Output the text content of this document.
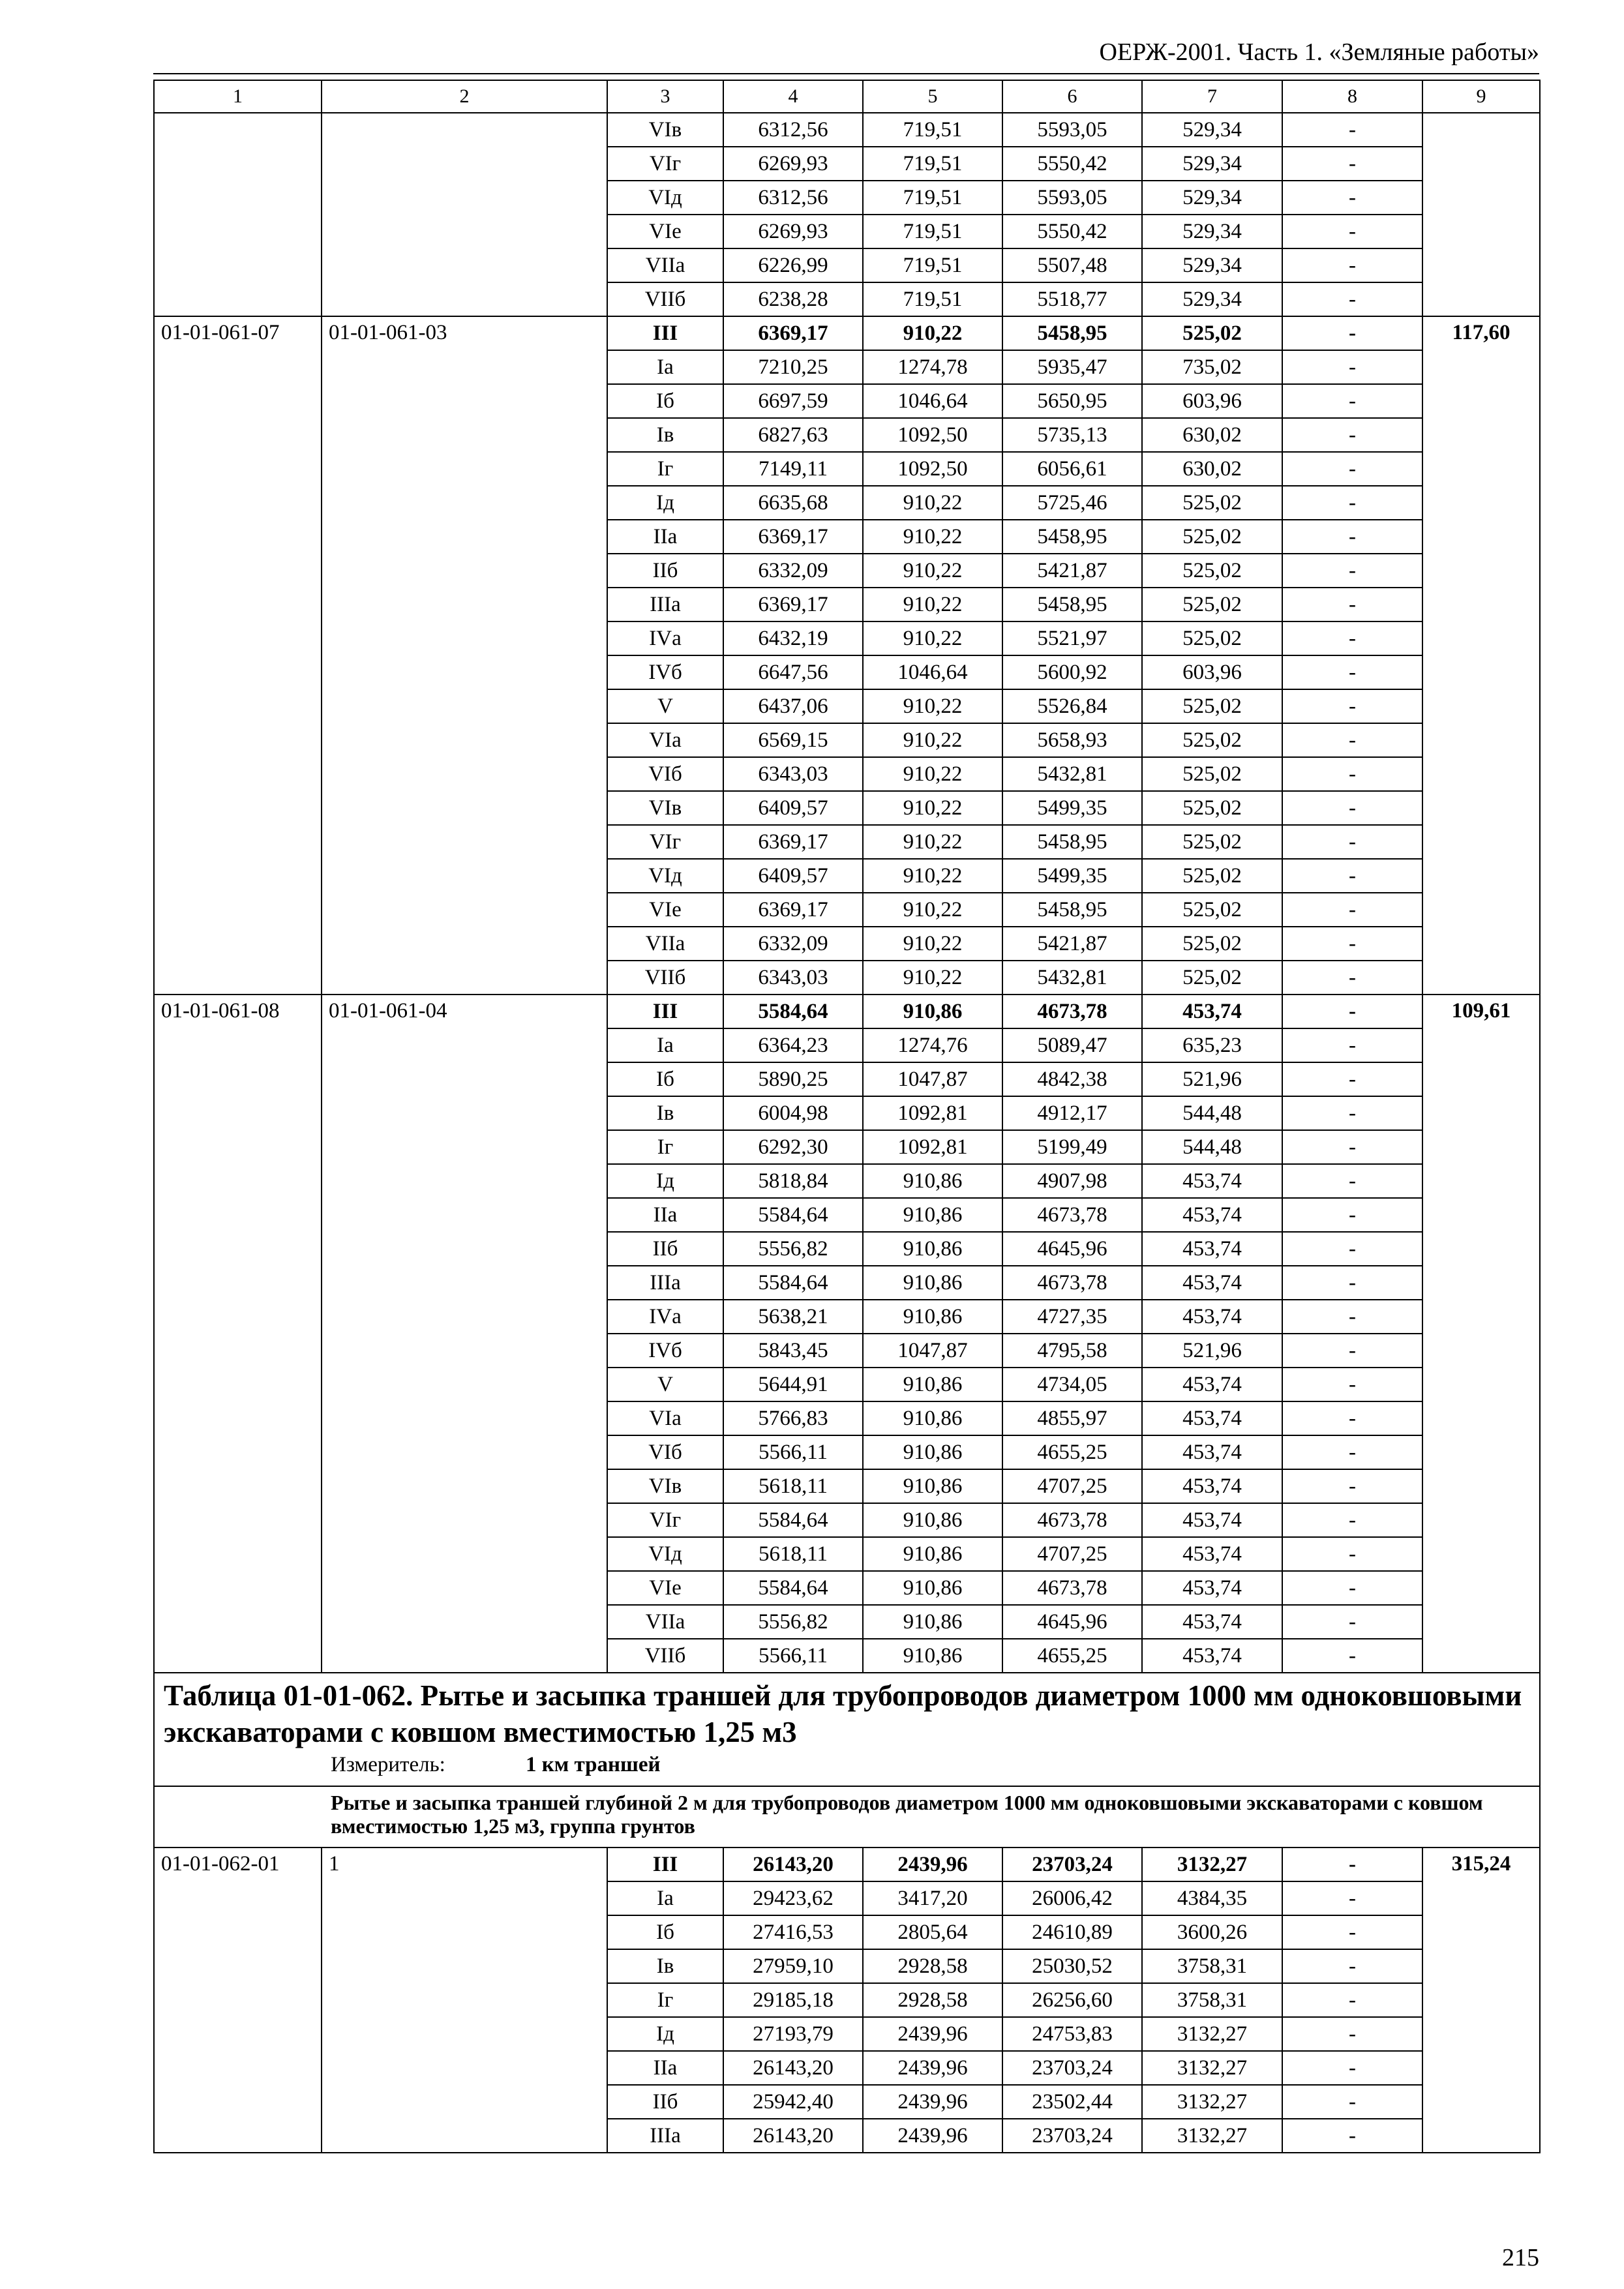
ОЕРЖ-2001. Часть 1. «Земляные работы»
1	2	3	4	5	6	7	8	9
		VIв	6312,56	719,51	5593,05	529,34	-	
		VIг	6269,93	719,51	5550,42	529,34	-	
		VIд	6312,56	719,51	5593,05	529,34	-	
		VIе	6269,93	719,51	5550,42	529,34	-	
		VIIа	6226,99	719,51	5507,48	529,34	-	
		VIIб	6238,28	719,51	5518,77	529,34	-	
01-01-061-07	01-01-061-03	III	6369,17	910,22	5458,95	525,02	-	117,60
		Iа	7210,25	1274,78	5935,47	735,02	-	
		Iб	6697,59	1046,64	5650,95	603,96	-	
		Iв	6827,63	1092,50	5735,13	630,02	-	
		Iг	7149,11	1092,50	6056,61	630,02	-	
		Iд	6635,68	910,22	5725,46	525,02	-	
		IIа	6369,17	910,22	5458,95	525,02	-	
		IIб	6332,09	910,22	5421,87	525,02	-	
		IIIа	6369,17	910,22	5458,95	525,02	-	
		IVа	6432,19	910,22	5521,97	525,02	-	
		IVб	6647,56	1046,64	5600,92	603,96	-	
		V	6437,06	910,22	5526,84	525,02	-	
		VIа	6569,15	910,22	5658,93	525,02	-	
		VIб	6343,03	910,22	5432,81	525,02	-	
		VIв	6409,57	910,22	5499,35	525,02	-	
		VIг	6369,17	910,22	5458,95	525,02	-	
		VIд	6409,57	910,22	5499,35	525,02	-	
		VIе	6369,17	910,22	5458,95	525,02	-	
		VIIа	6332,09	910,22	5421,87	525,02	-	
		VIIб	6343,03	910,22	5432,81	525,02	-	
01-01-061-08	01-01-061-04	III	5584,64	910,86	4673,78	453,74	-	109,61
		Iа	6364,23	1274,76	5089,47	635,23	-	
		Iб	5890,25	1047,87	4842,38	521,96	-	
		Iв	6004,98	1092,81	4912,17	544,48	-	
		Iг	6292,30	1092,81	5199,49	544,48	-	
		Iд	5818,84	910,86	4907,98	453,74	-	
		IIа	5584,64	910,86	4673,78	453,74	-	
		IIб	5556,82	910,86	4645,96	453,74	-	
		IIIа	5584,64	910,86	4673,78	453,74	-	
		IVа	5638,21	910,86	4727,35	453,74	-	
		IVб	5843,45	1047,87	4795,58	521,96	-	
		V	5644,91	910,86	4734,05	453,74	-	
		VIа	5766,83	910,86	4855,97	453,74	-	
		VIб	5566,11	910,86	4655,25	453,74	-	
		VIв	5618,11	910,86	4707,25	453,74	-	
		VIг	5584,64	910,86	4673,78	453,74	-	
		VIд	5618,11	910,86	4707,25	453,74	-	
		VIе	5584,64	910,86	4673,78	453,74	-	
		VIIа	5556,82	910,86	4645,96	453,74	-	
		VIIб	5566,11	910,86	4655,25	453,74	-	

Таблица 01-01-062. Рытье и засыпка траншей для трубопроводов диаметром 1000 мм одноковшовыми экскаваторами с ковшом вместимостью 1,25 м3
Измеритель: 1 км траншей								

Рытье и засыпка траншей глубиной 2 м для трубопроводов диаметром 1000 мм одноковшовыми экскаваторами с ковшом вместимостью 1,25 м3, группа грунтов								

01-01-062-01	1	III	26143,20	2439,96	23703,24	3132,27	-	315,24
		Iа	29423,62	3417,20	26006,42	4384,35	-	
		Iб	27416,53	2805,64	24610,89	3600,26	-	
		Iв	27959,10	2928,58	25030,52	3758,31	-	
		Iг	29185,18	2928,58	26256,60	3758,31	-	
		Iд	27193,79	2439,96	24753,83	3132,27	-	
		IIа	26143,20	2439,96	23703,24	3132,27	-	
		IIб	25942,40	2439,96	23502,44	3132,27	-	
		IIIа	26143,20	2439,96	23703,24	3132,27	-	
215
